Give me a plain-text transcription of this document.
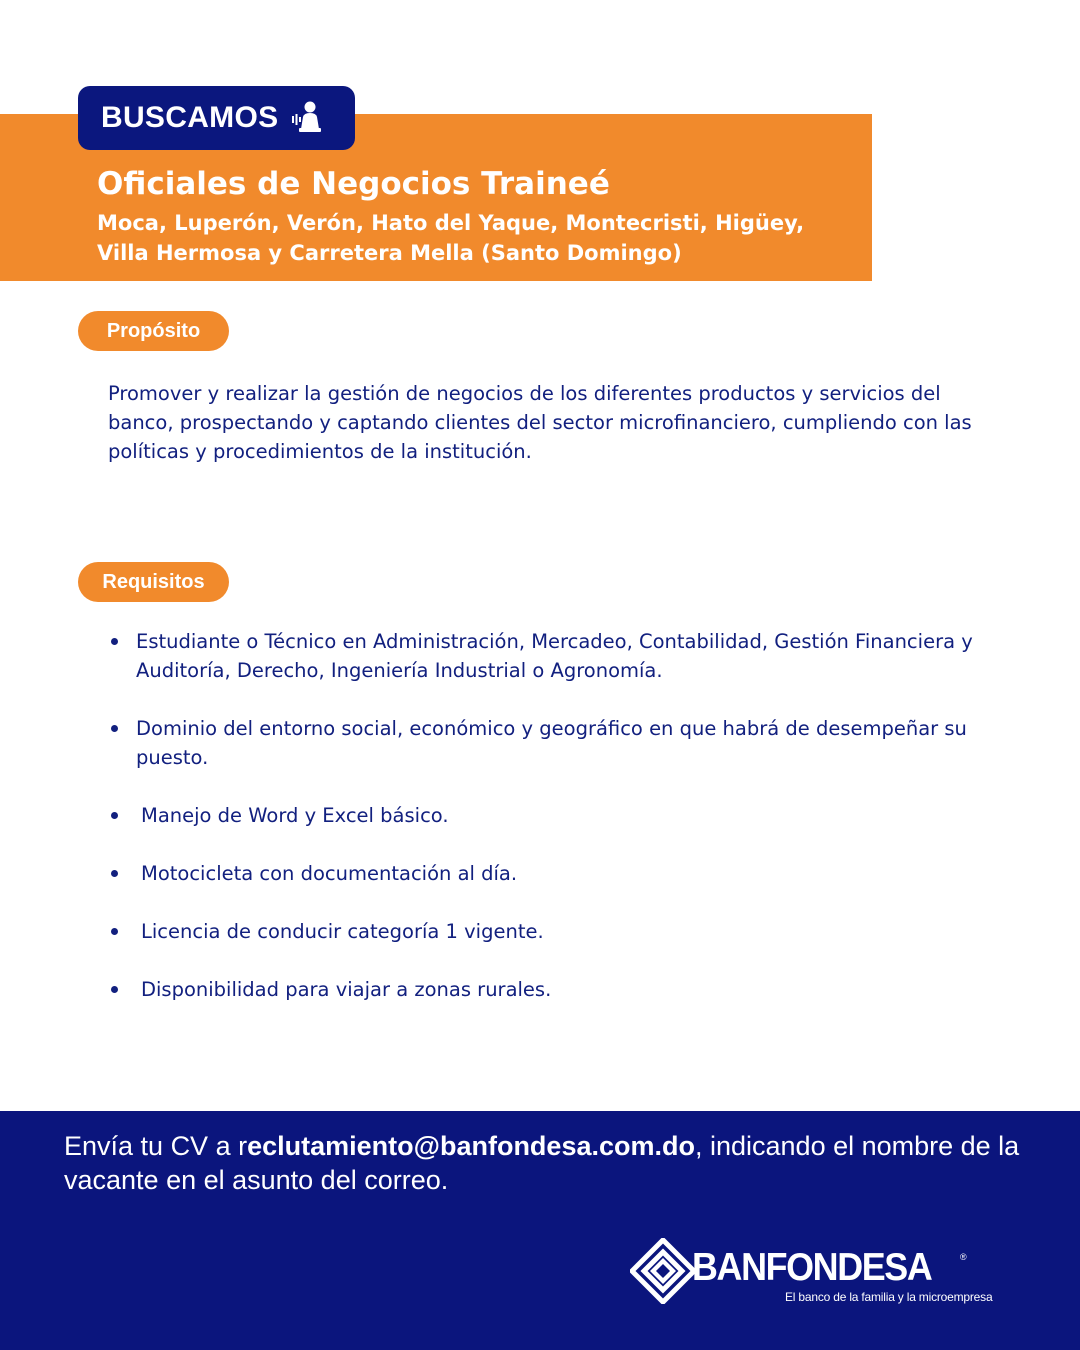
BUSCAMOS
Oficiales de Negocios Traineé
Moca, Luperón, Verón, Hato del Yaque, Montecristi, Higüey, Villa Hermosa y Carretera Mella (Santo Domingo)
Propósito
Promover y realizar la gestión de negocios de los diferentes productos y servicios del banco, prospectando y captando clientes del sector microfinanciero, cumpliendo con las políticas y procedimientos de la institución.
Requisitos
Estudiante o Técnico en Administración, Mercadeo, Contabilidad, Gestión Financiera y Auditoría, Derecho, Ingeniería Industrial o Agronomía.
Dominio del entorno social, económico y geográfico en que habrá de desempeñar su puesto.
Manejo de Word y Excel básico.
Motocicleta con documentación al día.
Licencia de conducir categoría 1 vigente.
Disponibilidad para viajar a zonas rurales.
Envía tu CV a reclutamiento@banfondesa.com.do, indicando el nombre de la vacante en el asunto del correo.
BANFONDESA	®
El banco de la familia y la microempresa
